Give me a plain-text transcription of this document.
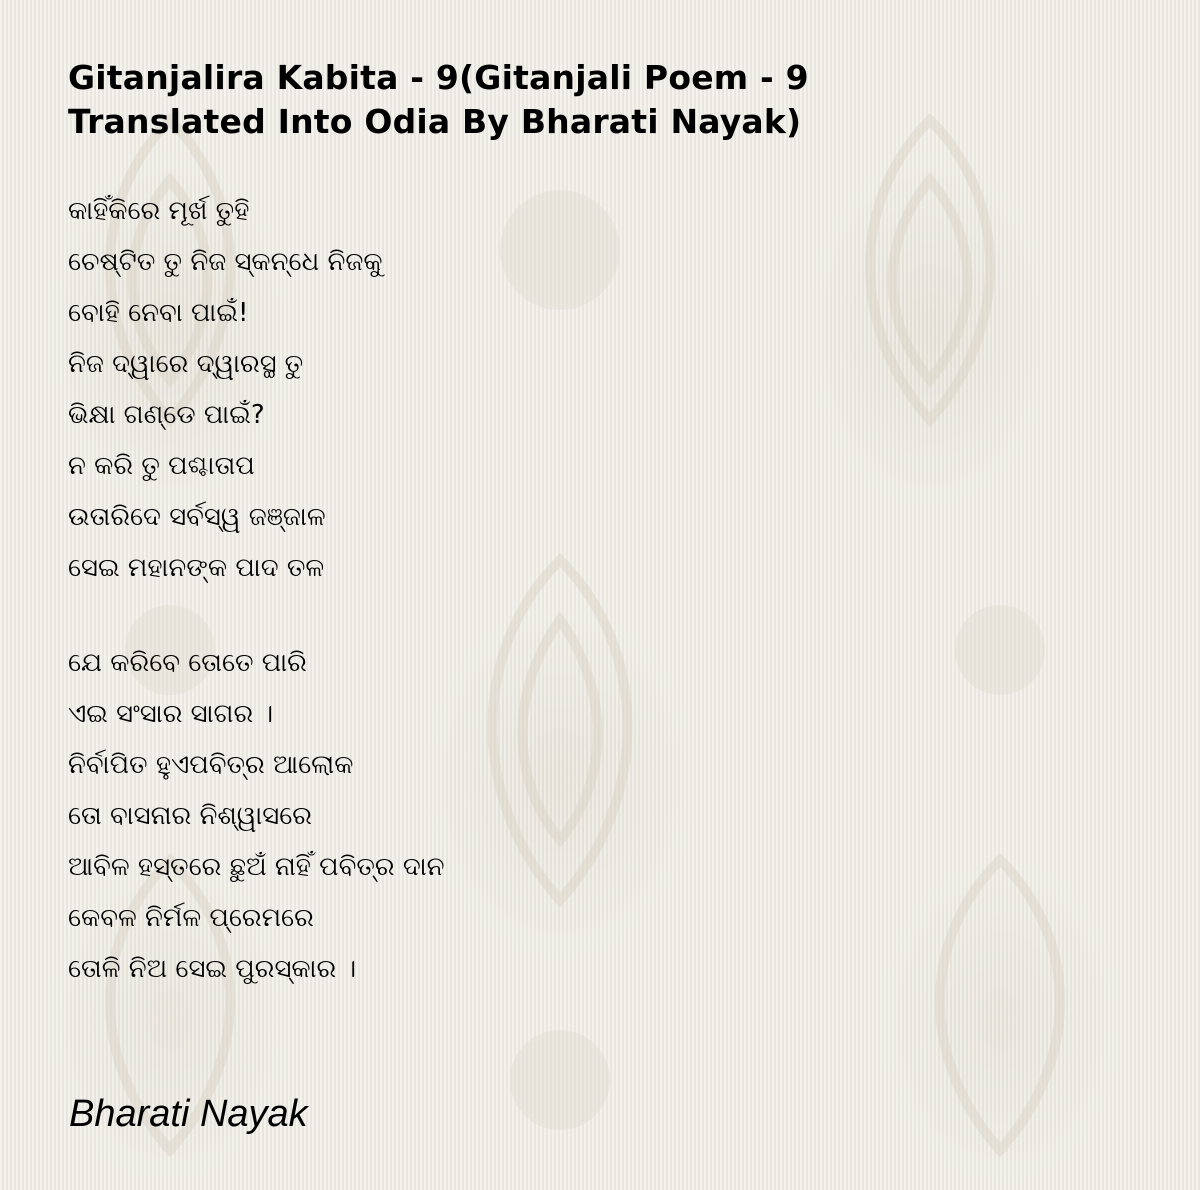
Gitanjalira Kabita - 9(Gitanjali Poem - 9
Translated Into Odia By Bharati Nayak)
କାହିଁକିରେ ମୂର୍ଖ ତୁହି
ଚେଷ୍ଟିତ ତୁ ନିଜ ସ୍କନ୍ଧେ ନିଜକୁ
ବୋହି ନେବା ପାଇଁ!
ନିଜ ଦ୍ୱାରେ ଦ୍ୱାରସ୍ଥ ତୁ
ଭିକ୍ଷା ଗଣ୍ଡେ ପାଇଁ?
ନ କରି ତୁ ପଶ୍ଚାତାପ
ଉତାରିଦେ ସର୍ବସ୍ୱ ଜଞ୍ଜାଳ
ସେଇ ମହାନଙ୍କ ପାଦ ତଳ
ଯେ କରିବେ ତୋତେ ପାରି
ଏଇ ସଂସାର ସାଗର ।
ନିର୍ବାପିତ ହୁଏପବିତ୍ର ଆଲୋକ
ତୋ ବାସନାର ନିଶ୍ୱାସରେ
ଆବିଳ ହସ୍ତରେ ଛୁଅଁ ନାହିଁ ପବିତ୍ର ଦାନ
କେବଳ ନିର୍ମଳ ପ୍ରେମରେ
ତୋଳି ନିଅ ସେଇ ପୁରସ୍କାର ।
Bharati Nayak
